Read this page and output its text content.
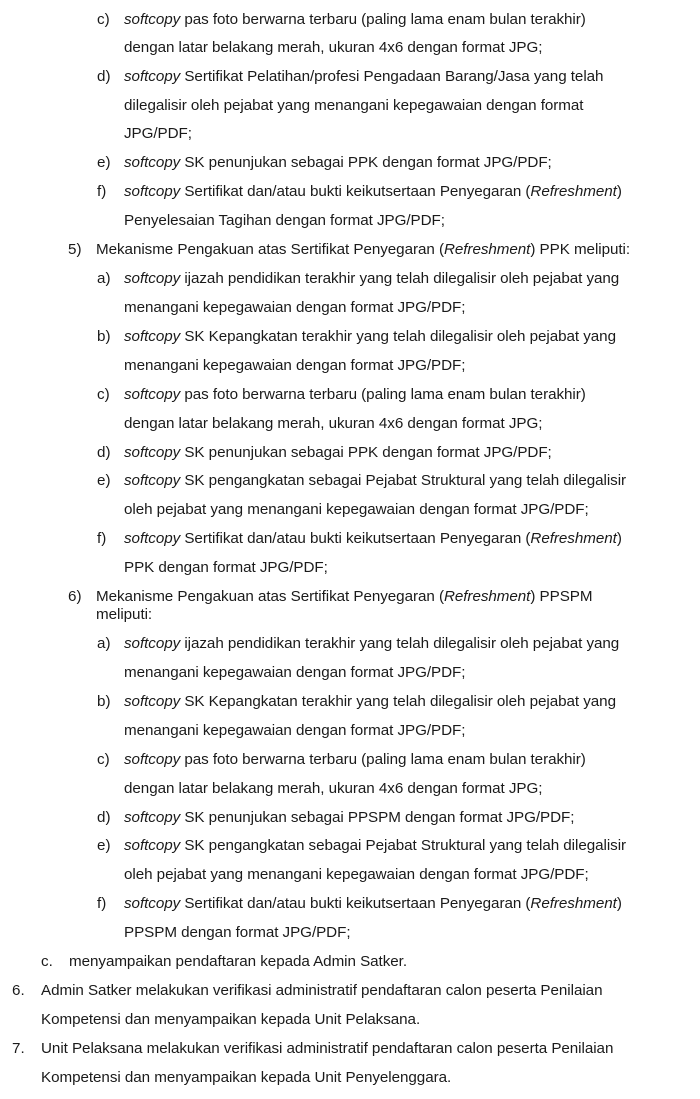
c) softcopy pas foto berwarna terbaru (paling lama enam bulan terakhir)
dengan latar belakang merah, ukuran 4x6 dengan format JPG;
d) softcopy Sertifikat Pelatihan/profesi Pengadaan Barang/Jasa yang telah
dilegalisir oleh pejabat yang menangani kepegawaian dengan format
JPG/PDF;
e) softcopy SK penunjukan sebagai PPK dengan format JPG/PDF;
f) softcopy Sertifikat dan/atau bukti keikutsertaan Penyegaran (Refreshment)
Penyelesaian Tagihan dengan format JPG/PDF;
5) Mekanisme Pengakuan atas Sertifikat Penyegaran (Refreshment) PPK meliputi:
a) softcopy ijazah pendidikan terakhir yang telah dilegalisir oleh pejabat yang
menangani kepegawaian dengan format JPG/PDF;
b) softcopy SK Kepangkatan terakhir yang telah dilegalisir oleh pejabat yang
menangani kepegawaian dengan format JPG/PDF;
c) softcopy pas foto berwarna terbaru (paling lama enam bulan terakhir)
dengan latar belakang merah, ukuran 4x6 dengan format JPG;
d) softcopy SK penunjukan sebagai PPK dengan format JPG/PDF;
e) softcopy SK pengangkatan sebagai Pejabat Struktural yang telah dilegalisir
oleh pejabat yang menangani kepegawaian dengan format JPG/PDF;
f) softcopy Sertifikat dan/atau bukti keikutsertaan Penyegaran (Refreshment)
PPK dengan format JPG/PDF;
6) Mekanisme Pengakuan atas Sertifikat Penyegaran (Refreshment) PPSPM
meliputi:
a) softcopy ijazah pendidikan terakhir yang telah dilegalisir oleh pejabat yang
menangani kepegawaian dengan format JPG/PDF;
b) softcopy SK Kepangkatan terakhir yang telah dilegalisir oleh pejabat yang
menangani kepegawaian dengan format JPG/PDF;
c) softcopy pas foto berwarna terbaru (paling lama enam bulan terakhir)
dengan latar belakang merah, ukuran 4x6 dengan format JPG;
d) softcopy SK penunjukan sebagai PPSPM dengan format JPG/PDF;
e) softcopy SK pengangkatan sebagai Pejabat Struktural yang telah dilegalisir
oleh pejabat yang menangani kepegawaian dengan format JPG/PDF;
f) softcopy Sertifikat dan/atau bukti keikutsertaan Penyegaran (Refreshment)
PPSPM dengan format JPG/PDF;
c. menyampaikan pendaftaran kepada Admin Satker.
6. Admin Satker melakukan verifikasi administratif pendaftaran calon peserta Penilaian
Kompetensi dan menyampaikan kepada Unit Pelaksana.
7. Unit Pelaksana melakukan verifikasi administratif pendaftaran calon peserta Penilaian
Kompetensi dan menyampaikan kepada Unit Penyelenggara.
